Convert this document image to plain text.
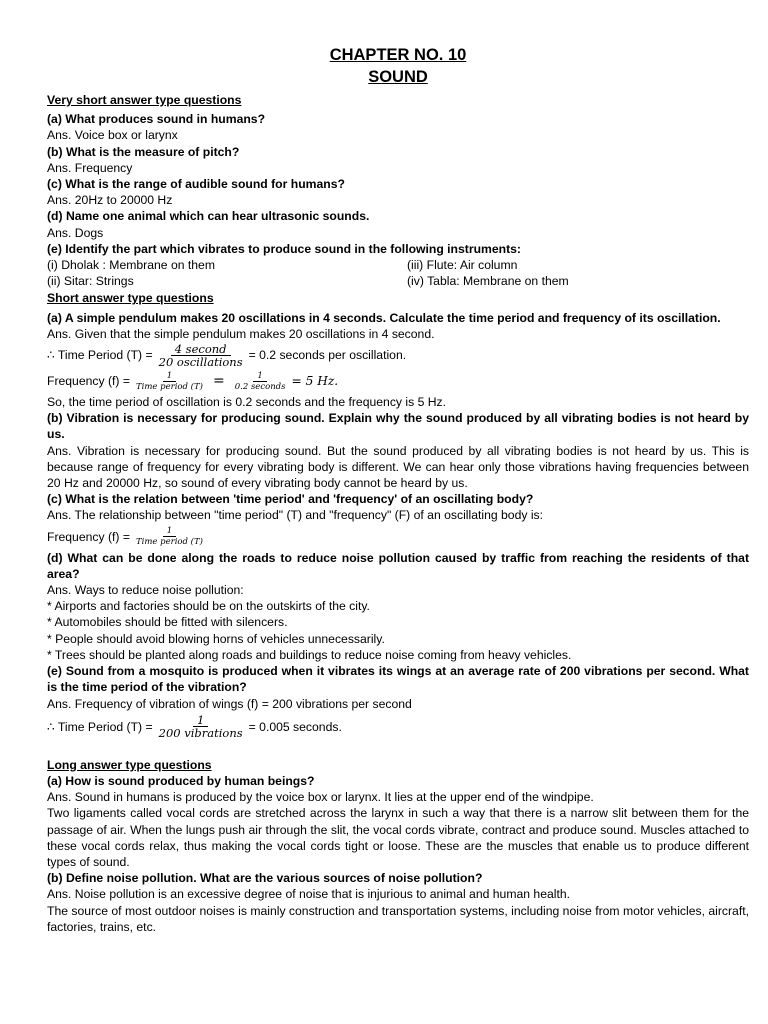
CHAPTER NO. 10
SOUND
Very short answer type questions
(a) What produces sound in humans?
Ans. Voice box or larynx
(b) What is the measure of pitch?
Ans. Frequency
(c) What is the range of audible sound for humans?
Ans. 20Hz to 20000 Hz
(d) Name one animal which can hear ultrasonic sounds.
Ans. Dogs
(e) Identify the part which vibrates to produce sound in the following instruments:
(i) Dholak : Membrane on them	(iii) Flute: Air column
(ii) Sitar: Strings	(iv) Tabla: Membrane on them
Short answer type questions
(a) A simple pendulum makes 20 oscillations in 4 seconds. Calculate the time period and frequency of its oscillation.
Ans. Given that the simple pendulum makes 20 oscillations in 4 second.
∴ Time Period $(T) = \frac{\text{4 second}}{\text{20 oscillations}} = 0.2$ seconds per oscillation.
Frequency $(f) = \frac{1}{\text{Time period (T)}} = \frac{1}{\text{0.2 seconds}} = 5$ Hz.
So, the time period of oscillation is 0.2 seconds and the frequency is 5 Hz.
(b) Vibration is necessary for producing sound. Explain why the sound produced by all vibrating bodies is not heard by us.
Ans. Vibration is necessary for producing sound. But the sound produced by all vibrating bodies is not heard by us. This is because range of frequency for every vibrating body is different. We can hear only those vibrations having frequencies between 20 Hz and 20000 Hz, so sound of every vibrating body cannot be heard by us.
(c) What is the relation between 'time period' and 'frequency' of an oscillating body?
Ans. The relationship between "time period" (T) and "frequency" (F) of an oscillating body is:
Frequency $(f) = \frac{1}{\text{Time period (T)}}$
(d) What can be done along the roads to reduce noise pollution caused by traffic from reaching the residents of that area?
Ans. Ways to reduce noise pollution:
* Airports and factories should be on the outskirts of the city.
* Automobiles should be fitted with silencers.
* People should avoid blowing horns of vehicles unnecessarily.
* Trees should be planted along roads and buildings to reduce noise coming from heavy vehicles.
(e) Sound from a mosquito is produced when it vibrates its wings at an average rate of 200 vibrations per second. What is the time period of the vibration?
Ans. Frequency of vibration of wings (f) = 200 vibrations per second
∴ Time Period $(T) = \frac{1}{\text{200 vibrations}} = 0.005$ seconds.
Long answer type questions
(a) How is sound produced by human beings?
Ans. Sound in humans is produced by the voice box or larynx. It lies at the upper end of the windpipe.
Two ligaments called vocal cords are stretched across the larynx in such a way that there is a narrow slit between them for the passage of air. When the lungs push air through the slit, the vocal cords vibrate, contract and produce sound. Muscles attached to these vocal cords relax, thus making the vocal cords tight or loose. These are the muscles that enable us to produce different types of sound.
(b) Define noise pollution. What are the various sources of noise pollution?
Ans. Noise pollution is an excessive degree of noise that is injurious to animal and human health.
The source of most outdoor noises is mainly construction and transportation systems, including noise from motor vehicles, aircraft, factories, trains, etc.
